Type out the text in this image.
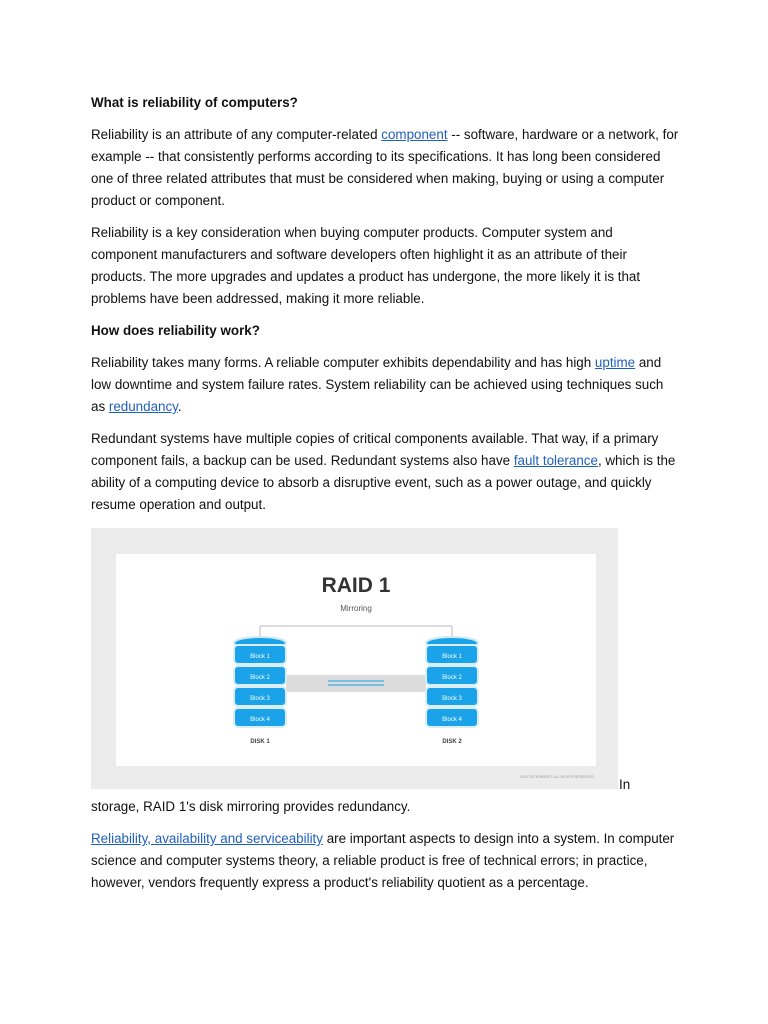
What is reliability of computers?

Reliability is an attribute of any computer-related component -- software, hardware or a network, for example -- that consistently performs according to its specifications. It has long been considered one of three related attributes that must be considered when making, buying or using a computer product or component.

Reliability is a key consideration when buying computer products. Computer system and component manufacturers and software developers often highlight it as an attribute of their products. The more upgrades and updates a product has undergone, the more likely it is that problems have been addressed, making it more reliable.

How does reliability work?

Reliability takes many forms. A reliable computer exhibits dependability and has high uptime and low downtime and system failure rates. System reliability can be achieved using techniques such as redundancy.

Redundant systems have multiple copies of critical components available. That way, if a primary component fails, a backup can be used. Redundant systems also have fault tolerance, which is the ability of a computing device to absorb a disruptive event, such as a power outage, and quickly resume operation and output.

RAID 1
Mirroring
Block 1
Block 2
Block 3
Block 4
DISK 1
Block 1
Block 2
Block 3
Block 4
DISK 2
2019 TECHTARGET. ALL RIGHTS RESERVED In

storage, RAID 1's disk mirroring provides redundancy.

Reliability, availability and serviceability are important aspects to design into a system. In computer science and computer systems theory, a reliable product is free of technical errors; in practice, however, vendors frequently express a product's reliability quotient as a percentage.
